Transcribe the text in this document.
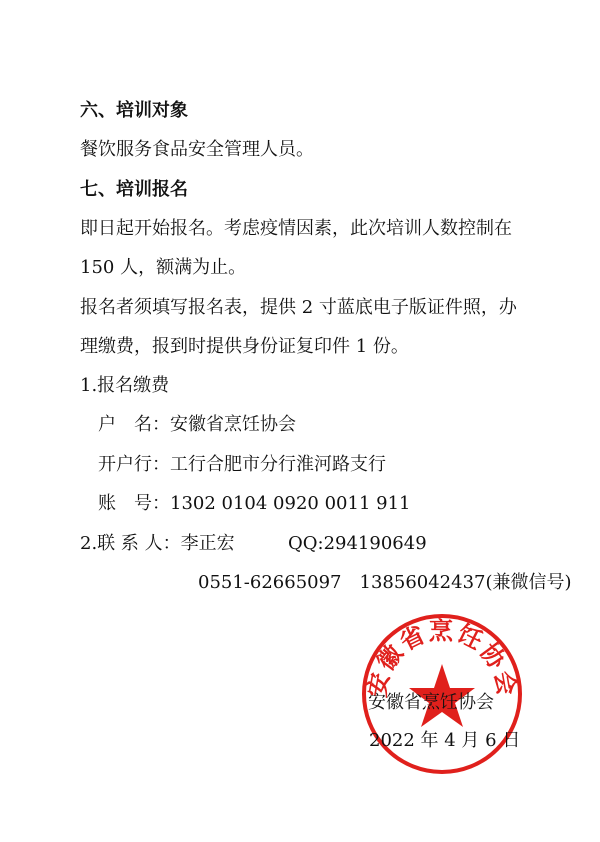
六、培训对象
餐饮服务食品安全管理人员。
七、培训报名
即日起开始报名。考虑疫情因素，此次培训人数控制在
150 人，额满为止。
报名者须填写报名表，提供 2 寸蓝底电子版证件照，办
理缴费，报到时提供身份证复印件 1 份。
1.报名缴费
户　名：安徽省烹饪协会
开户行：工行合肥市分行淮河路支行
账　号：1302 0104 0920 0011 911
2.联 系 人：李正宏	QQ:294190649
0551-62665097　13856042437(兼微信号)
安徽省烹饪协会
安徽省烹饪协会
2022 年 4 月 6 日
